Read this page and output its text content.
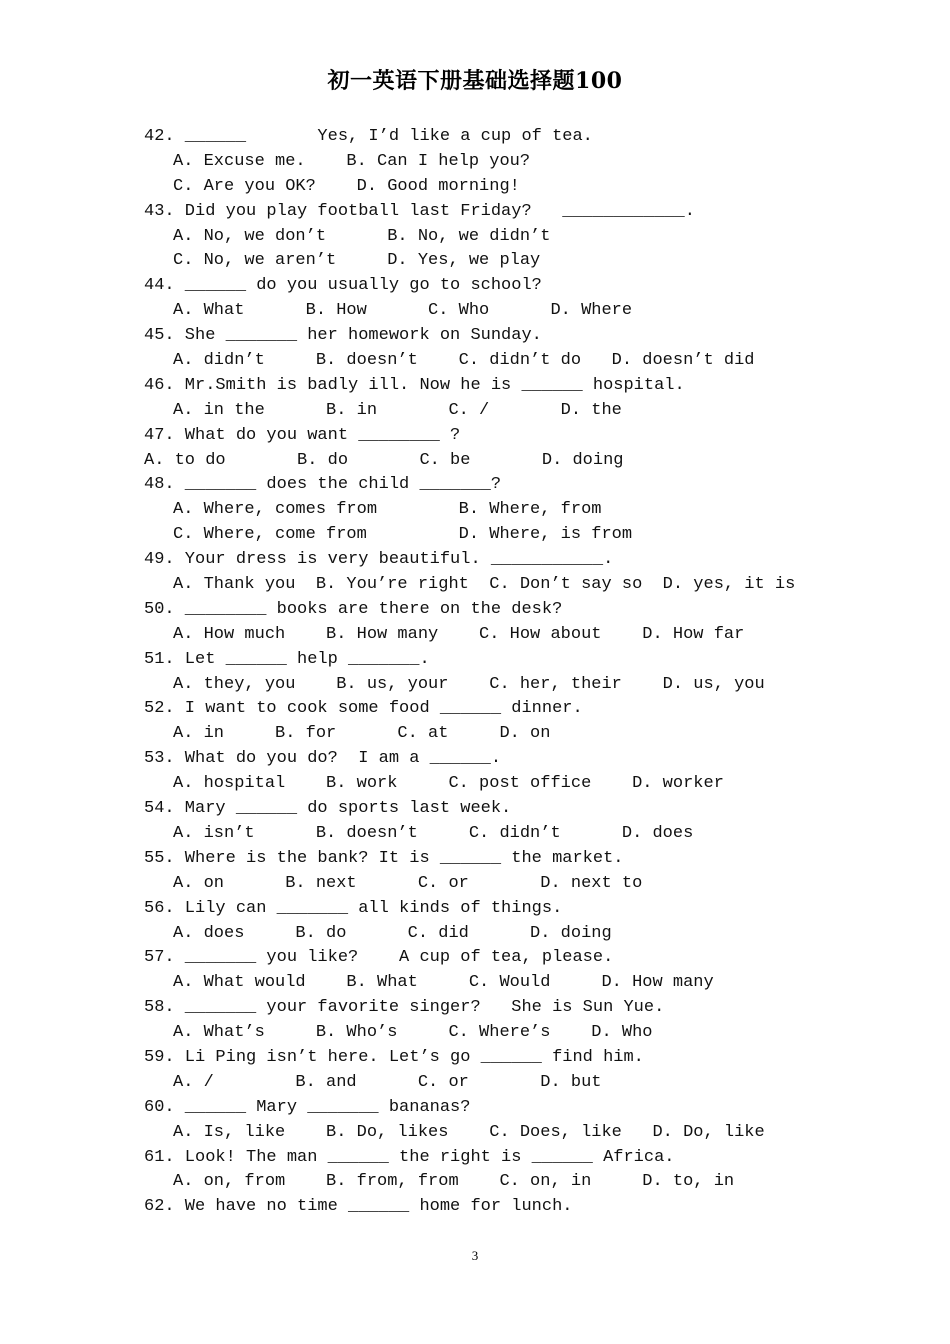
初一英语下册基础选择题100
42. ______       Yes, I’d like a cup of tea.
A. Excuse me.    B. Can I help you?
C. Are you OK?    D. Good morning!
43. Did you play football last Friday?   ____________.
A. No, we don’t      B. No, we didn’t
C. No, we aren’t     D. Yes, we play
44. ______ do you usually go to school?
A. What      B. How      C. Who      D. Where
45. She _______ her homework on Sunday.
A. didn’t     B. doesn’t    C. didn’t do   D. doesn’t did
46. Mr.Smith is badly ill. Now he is ______ hospital.
A. in the      B. in       C. /       D. the
47. What do you want ________ ?
A. to do       B. do       C. be       D. doing
48. _______ does the child _______?
A. Where, comes from        B. Where, from
C. Where, come from         D. Where, is from
49. Your dress is very beautiful. ___________.
A. Thank you  B. You’re right  C. Don’t say so  D. yes, it is
50. ________ books are there on the desk?
A. How much    B. How many    C. How about    D. How far
51. Let ______ help _______.
A. they, you    B. us, your    C. her, their    D. us, you
52. I want to cook some food ______ dinner.
A. in     B. for      C. at     D. on
53. What do you do?  I am a ______.
A. hospital    B. work     C. post office    D. worker
54. Mary ______ do sports last week.
A. isn’t      B. doesn’t     C. didn’t      D. does
55. Where is the bank? It is ______ the market.
A. on      B. next      C. or       D. next to
56. Lily can _______ all kinds of things.
A. does     B. do      C. did      D. doing
57. _______ you like?    A cup of tea, please.
A. What would    B. What     C. Would     D. How many
58. _______ your favorite singer?   She is Sun Yue.
A. What’s     B. Who’s     C. Where’s    D. Who
59. Li Ping isn’t here. Let’s go ______ find him.
A. /        B. and      C. or       D. but
60. ______ Mary _______ bananas?
A. Is, like    B. Do, likes    C. Does, like   D. Do, like
61. Look! The man ______ the right is ______ Africa.
A. on, from    B. from, from    C. on, in     D. to, in
62. We have no time ______ home for lunch.
3
